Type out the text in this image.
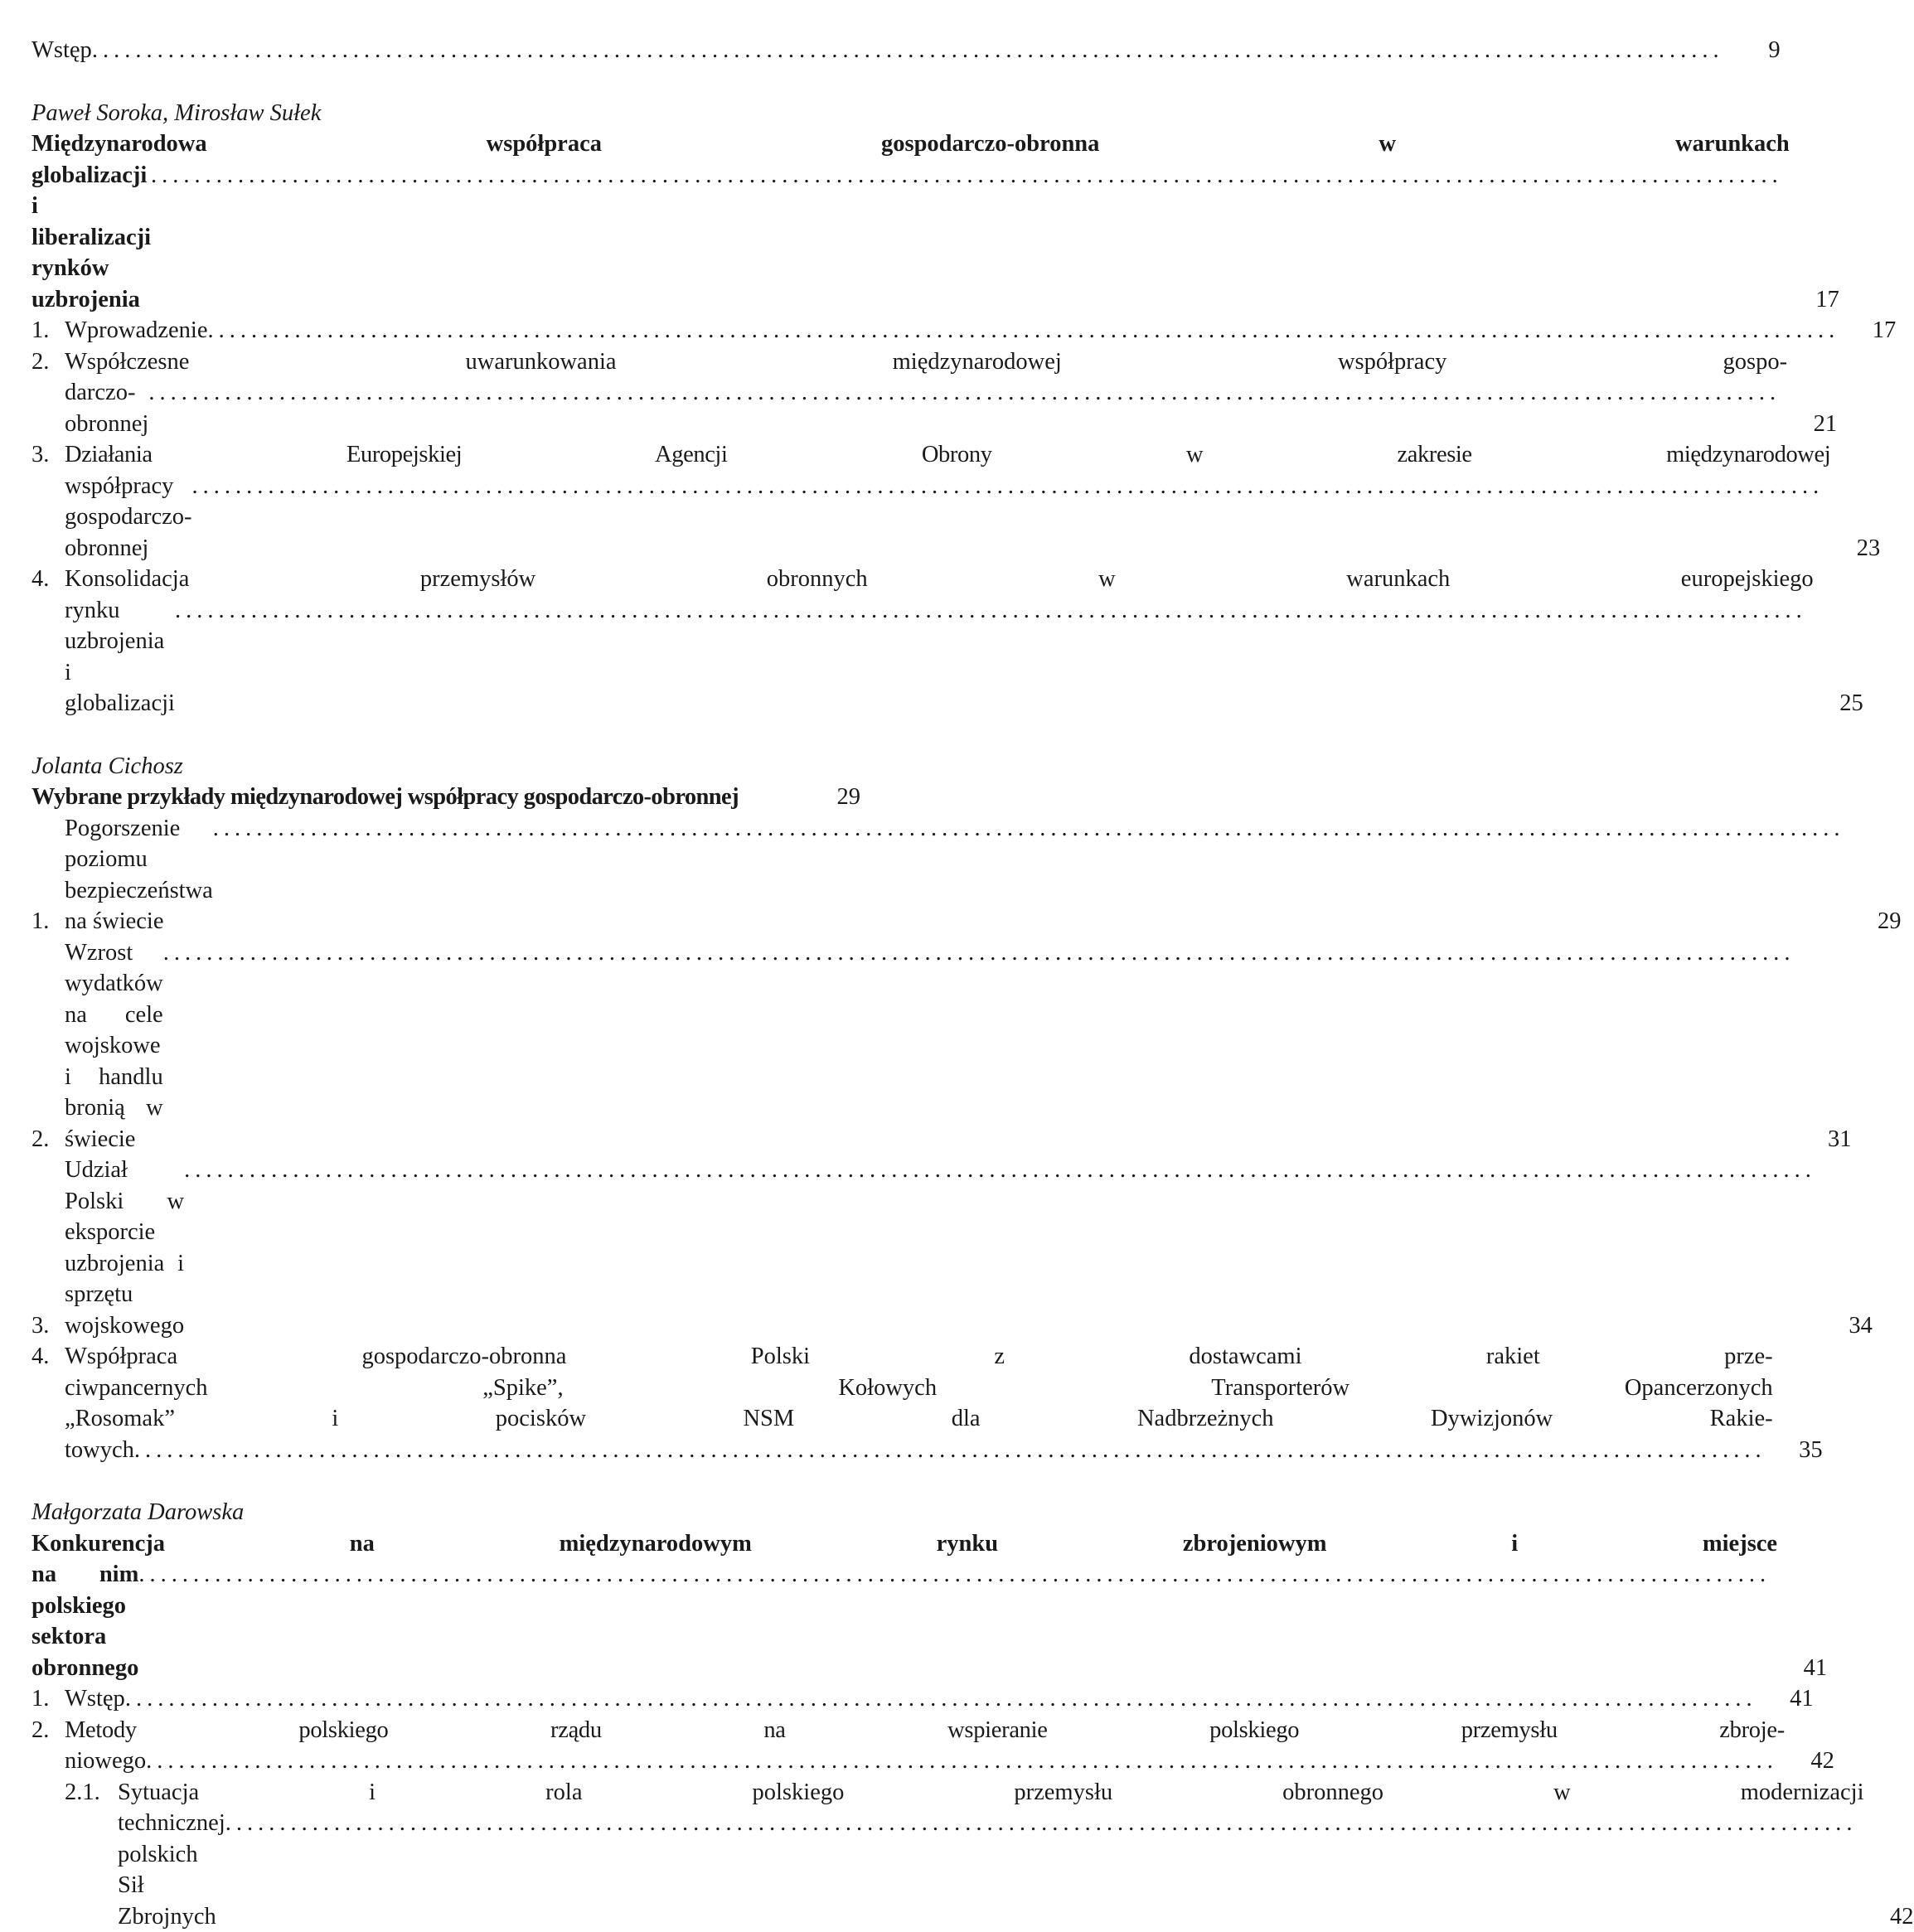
Wstęp .....	9
Paweł Soroka, Mirosław Sułek
Międzynarodowa współpraca gospodarczo-obronna w warunkach
globalizacji i liberalizacji rynków uzbrojenia
.....	17
1. Wprowadzenie .....	17
2. Współczesne uwarunkowania międzynarodowej współpracy gospo-
darczo-obronnej
.....	21
3. Działania Europejskiej Agencji Obrony w zakresie międzynarodowej
współpracy gospodarczo-obronnej
.....	23
4. Konsolidacja przemysłów obronnych w warunkach europejskiego
rynku uzbrojenia i globalizacji
.....	25
Jolanta Cichosz
Wybrane przykłady międzynarodowej współpracy gospodarczo-obronnej	29
1.
Pogorszenie poziomu bezpieczeństwa na świecie
.....	29
2.
Wzrost wydatków na cele wojskowe i handlu bronią w świecie
.....	31
3.
Udział Polski w eksporcie uzbrojenia i sprzętu wojskowego
.....	34
4. Współpraca gospodarczo-obronna Polski z dostawcami rakiet prze-
ciwpancernych „Spike”, Kołowych Transporterów Opancerzonych
„Rosomak” i pocisków NSM dla Nadbrzeżnych Dywizjonów Rakie-
towych .....	35
Małgorzata Darowska
Konkurencja na międzynarodowym rynku zbrojeniowym i miejsce
na nim polskiego sektora obronnego
.....	41
1. Wstęp .....	41
2. Metody polskiego rządu na wspieranie polskiego przemysłu zbroje-
niowego .....	42
2.1. Sytuacja i rola polskiego przemysłu obronnego w modernizacji
technicznej polskich Sił Zbrojnych
.....	42
